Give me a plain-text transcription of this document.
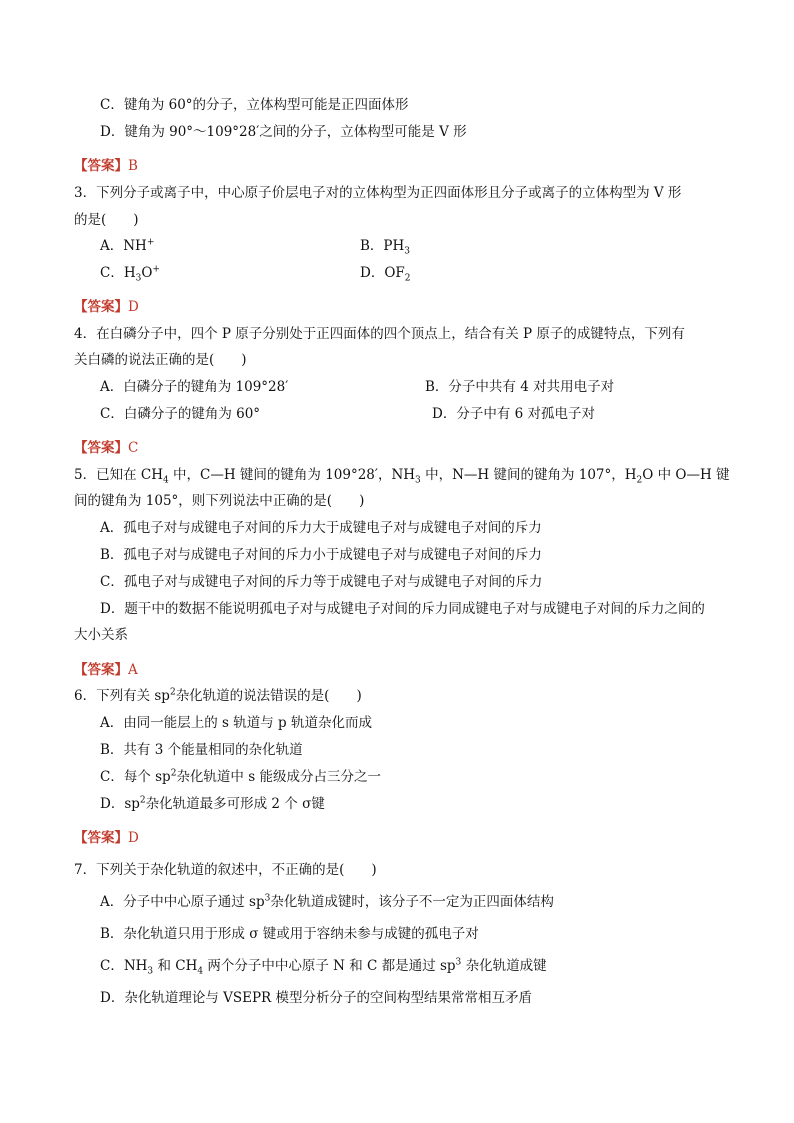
C．键角为 60°的分子，立体构型可能是正四面体形
D．键角为 90°～109°28′之间的分子，立体构型可能是 V 形
【答案】B
3．下列分子或离子中，中心原子价层电子对的立体构型为正四面体形且分子或离子的立体构型为 V 形
的是(　　)
A．NH+	B．$PH_3$
C．$H_3O^+$	D．$OF_2$
【答案】D
4．在白磷分子中，四个 P 原子分别处于正四面体的四个顶点上，结合有关 P 原子的成键特点，下列有
关白磷的说法正确的是(　　)
A．白磷分子的键角为 109°28′	B．分子中共有 4 对共用电子对
C．白磷分子的键角为 60°	D．分子中有 6 对孤电子对
【答案】C
5．已知在 $CH_4$ 中，C—H 键间的键角为 109°28′，$NH_3$ 中，N—H 键间的键角为 107°，$H_2O$ 中 O—H 键
间的键角为 105°，则下列说法中正确的是(　　)
A．孤电子对与成键电子对间的斥力大于成键电子对与成键电子对间的斥力
B．孤电子对与成键电子对间的斥力小于成键电子对与成键电子对间的斥力
C．孤电子对与成键电子对间的斥力等于成键电子对与成键电子对间的斥力
D．题干中的数据不能说明孤电子对与成键电子对间的斥力同成键电子对与成键电子对间的斥力之间的
大小关系
【答案】A
6．下列有关 $sp^2$杂化轨道的说法错误的是(　　)
A．由同一能层上的 s 轨道与 p 轨道杂化而成
B．共有 3 个能量相同的杂化轨道
C．每个 $sp^2$杂化轨道中 s 能级成分占三分之一
D．$sp^2$杂化轨道最多可形成 2 个 σ键
【答案】D
7．下列关于杂化轨道的叙述中，不正确的是(　　)
A．分子中中心原子通过 $sp^3$杂化轨道成键时，该分子不一定为正四面体结构
B．杂化轨道只用于形成 σ 键或用于容纳未参与成键的孤电子对
C．$NH_3$ 和 $CH_4$ 两个分子中中心原子 N 和 C 都是通过 $sp^3$ 杂化轨道成键
D．杂化轨道理论与 VSEPR 模型分析分子的空间构型结果常常相互矛盾
